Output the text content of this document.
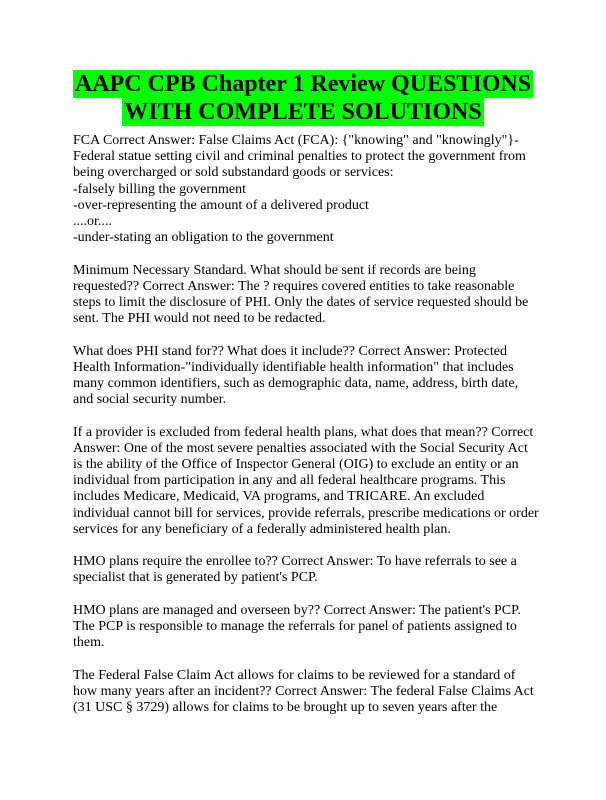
AAPC CPB Chapter 1 Review QUESTIONS
WITH COMPLETE SOLUTIONS
FCA Correct Answer: False Claims Act (FCA): {"knowing" and "knowingly"}-
Federal statue setting civil and criminal penalties to protect the government from
being overcharged or sold substandard goods or services:
-falsely billing the government
-over-representing the amount of a delivered product
....or....
-under-stating an obligation to the government
Minimum Necessary Standard. What should be sent if records are being
requested?? Correct Answer: The ? requires covered entities to take reasonable
steps to limit the disclosure of PHI. Only the dates of service requested should be
sent. The PHI would not need to be redacted.
What does PHI stand for?? What does it include?? Correct Answer: Protected
Health Information-"individually identifiable health information" that includes
many common identifiers, such as demographic data, name, address, birth date,
and social security number.
If a provider is excluded from federal health plans, what does that mean?? Correct
Answer: One of the most severe penalties associated with the Social Security Act
is the ability of the Office of Inspector General (OIG) to exclude an entity or an
individual from participation in any and all federal healthcare programs. This
includes Medicare, Medicaid, VA programs, and TRICARE. An excluded
individual cannot bill for services, provide referrals, prescribe medications or order
services for any beneficiary of a federally administered health plan.
HMO plans require the enrollee to?? Correct Answer: To have referrals to see a
specialist that is generated by patient's PCP.
HMO plans are managed and overseen by?? Correct Answer: The patient's PCP.
The PCP is responsible to manage the referrals for panel of patients assigned to
them.
The Federal False Claim Act allows for claims to be reviewed for a standard of
how many years after an incident?? Correct Answer: The federal False Claims Act
(31 USC § 3729) allows for claims to be brought up to seven years after the
